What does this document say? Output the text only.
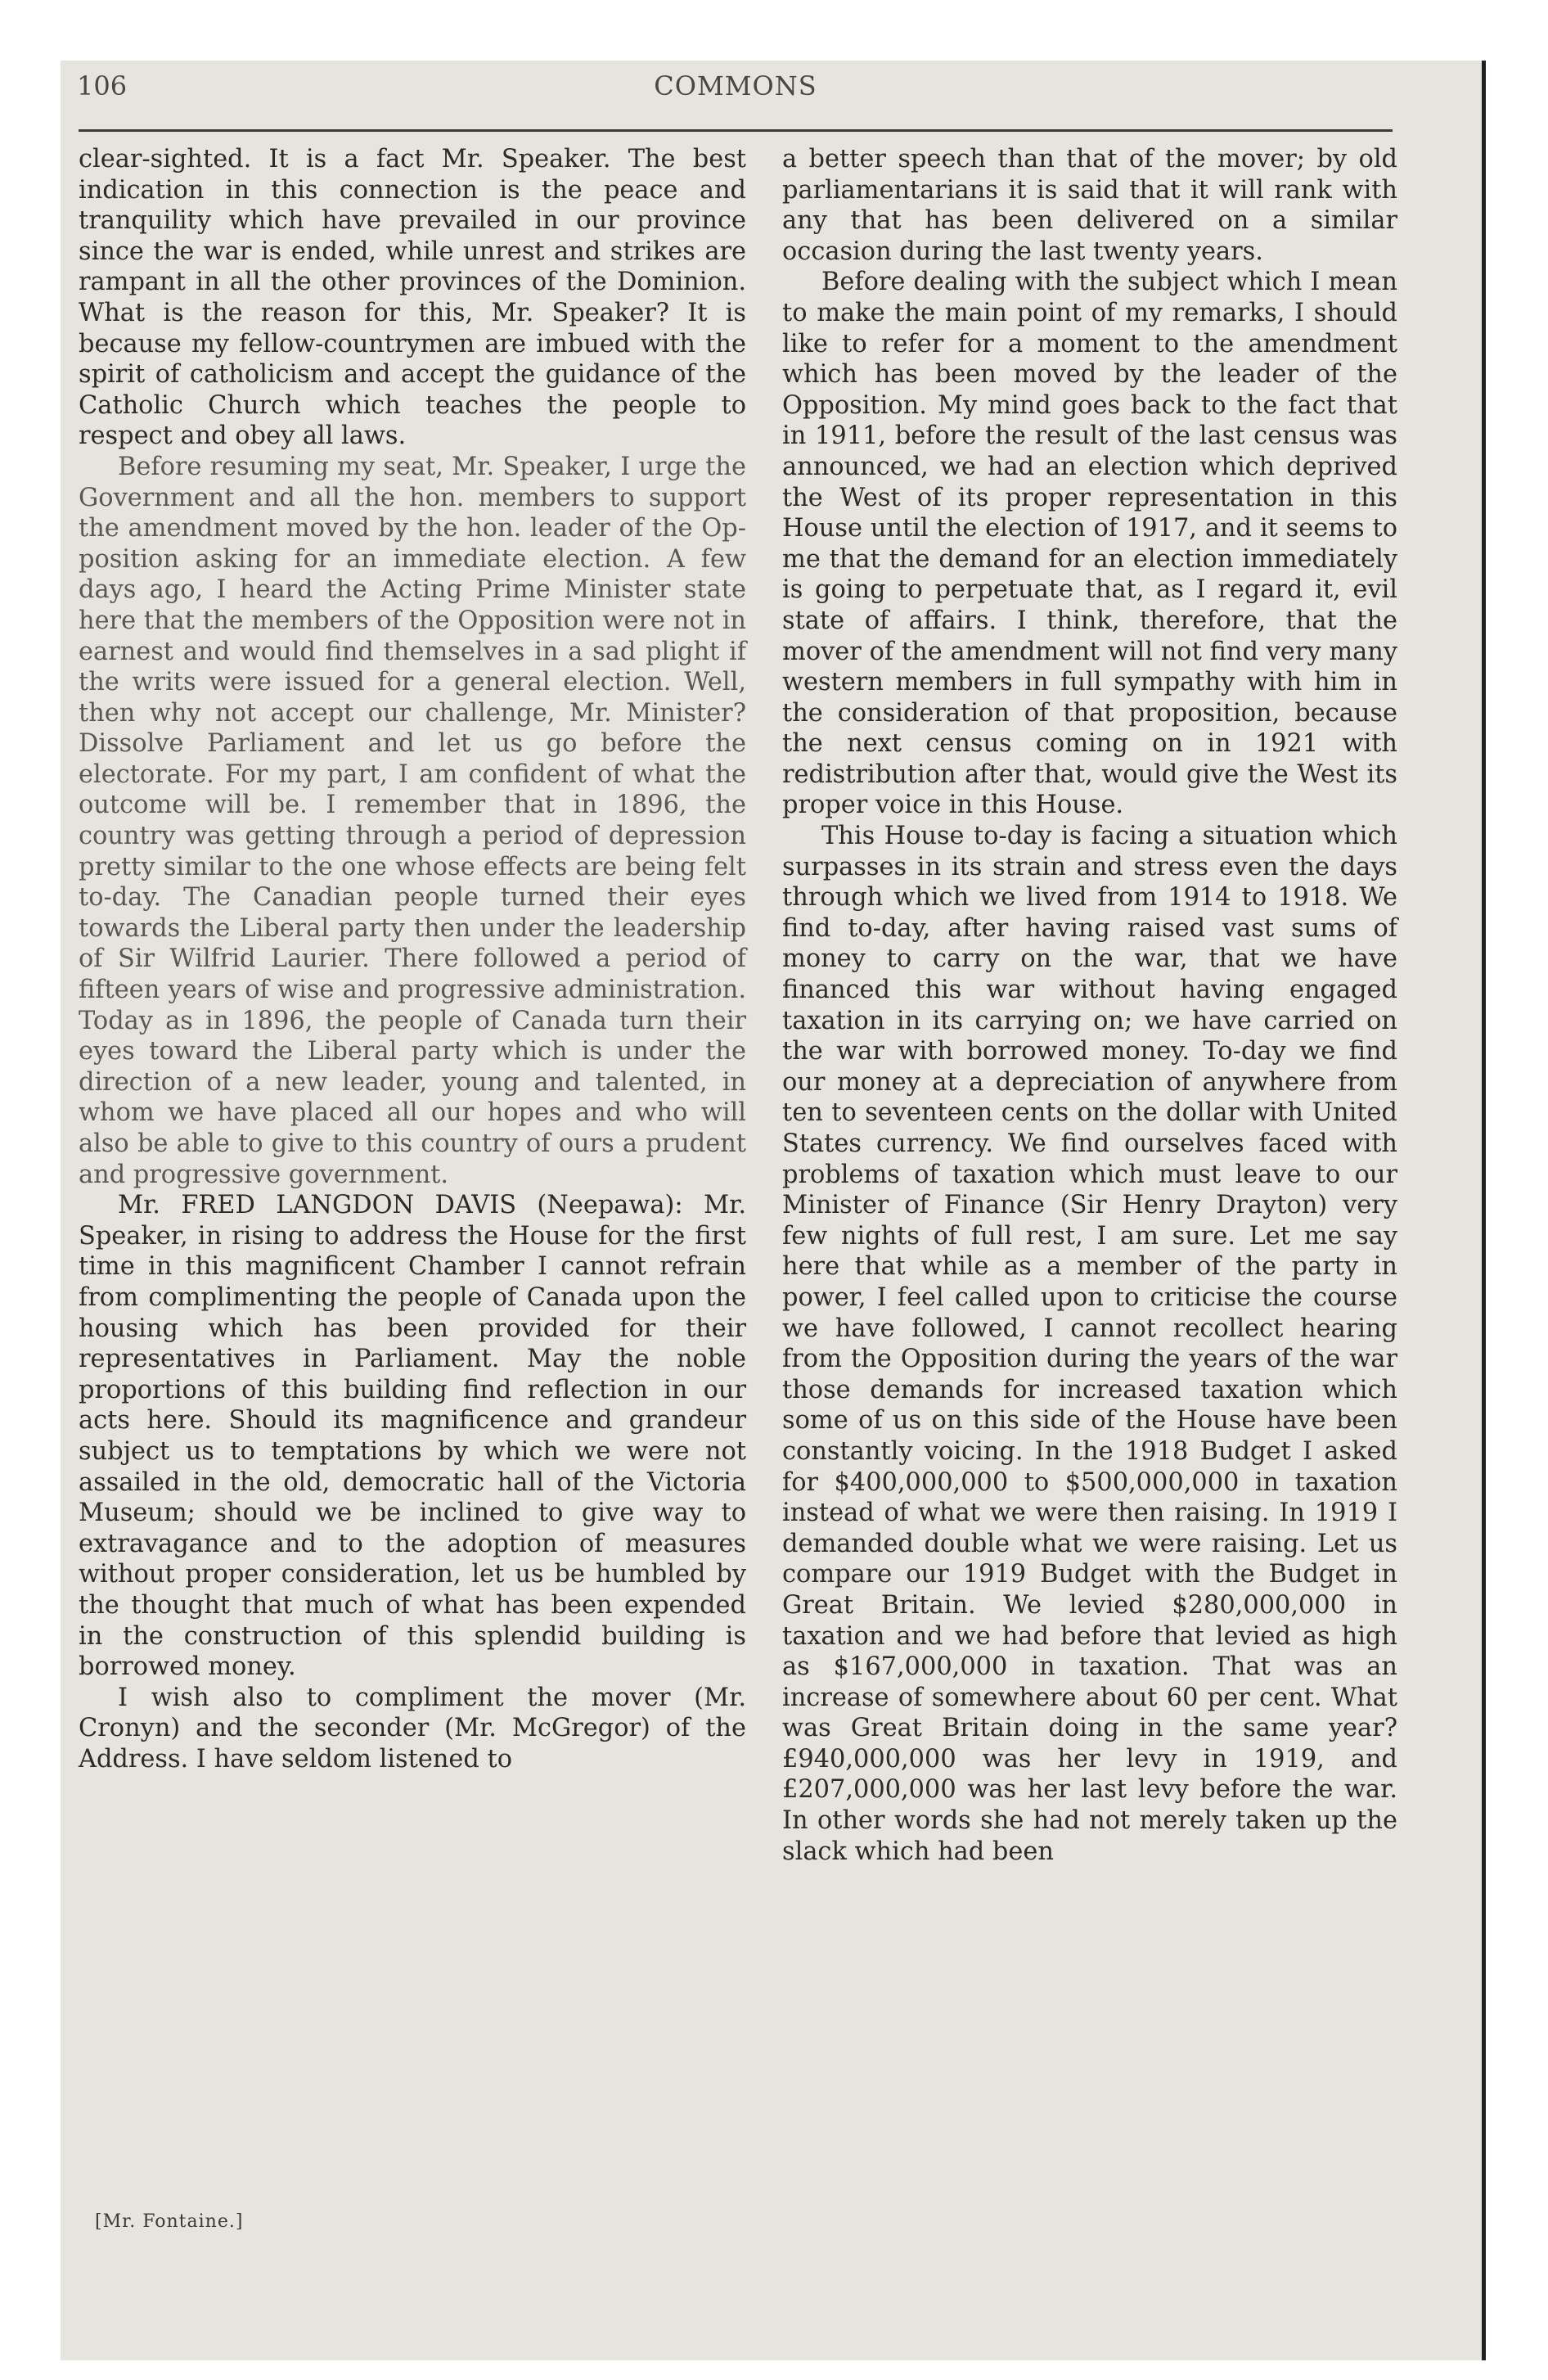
106	COMMONS

clear-sighted. It is a fact Mr. Speaker. The best indication in this connection is the peace and tranquility which have prevailed in our province since the war is ended, while unrest and strikes are rampant in all the other provinces of the Dominion. What is the reason for this, Mr. Speaker? It is because my fellow-countrymen are imbued with the spirit of catholicism and accept the guidance of the Catholic Church which teaches the people to respect and obey all laws.

Before resuming my seat, Mr. Speaker, I urge the Government and all the hon. members to support the amendment moved by the hon. leader of the Opposition asking for an immediate election. A few days ago, I heard the Acting Prime Minister state here that the members of the Opposition were not in earnest and would find themselves in a sad plight if the writs were issued for a general election. Well, then why not accept our challenge, Mr. Minister? Dissolve Parliament and let us go before the electorate. For my part, I am confident of what the outcome will be. I remember that in 1896, the country was getting through a period of depression pretty similar to the one whose effects are being felt to-day. The Canadian people turned their eyes towards the Liberal party then under the leadership of Sir Wilfrid Laurier. There followed a period of fifteen years of wise and progressive administration. Today as in 1896, the people of Canada turn their eyes toward the Liberal party which is under the direction of a new leader, young and talented, in whom we have placed all our hopes and who will also be able to give to this country of ours a prudent and progressive government.

Mr. FRED LANGDON DAVIS (Neepawa): Mr. Speaker, in rising to address the House for the first time in this magnificent Chamber I cannot refrain from complimenting the people of Canada upon the housing which has been provided for their representatives in Parliament. May the noble proportions of this building find reflection in our acts here. Should its magnificence and grandeur subject us to temptations by which we were not assailed in the old, democratic hall of the Victoria Museum; should we be inclined to give way to extravagance and to the adoption of measures without proper consideration, let us be humbled by the thought that much of what has been expended in the construction of this splendid building is borrowed money.

I wish also to compliment the mover (Mr. Cronyn) and the seconder (Mr. McGregor) of the Address. I have seldom listened to

a better speech than that of the mover; by old parliamentarians it is said that it will rank with any that has been delivered on a similar occasion during the last twenty years.

Before dealing with the subject which I mean to make the main point of my remarks, I should like to refer for a moment to the amendment which has been moved by the leader of the Opposition. My mind goes back to the fact that in 1911, before the result of the last census was announced, we had an election which deprived the West of its proper representation in this House until the election of 1917, and it seems to me that the demand for an election immediately is going to perpetuate that, as I regard it, evil state of affairs. I think, therefore, that the mover of the amendment will not find very many western members in full sympathy with him in the consideration of that proposition, because the next census coming on in 1921 with redistribution after that, would give the West its proper voice in this House.

This House to-day is facing a situation which surpasses in its strain and stress even the days through which we lived from 1914 to 1918. We find to-day, after having raised vast sums of money to carry on the war, that we have financed this war without having engaged taxation in its carrying on; we have carried on the war with borrowed money. To-day we find our money at a depreciation of anywhere from ten to seventeen cents on the dollar with United States currency. We find ourselves faced with problems of taxation which must leave to our Minister of Finance (Sir Henry Drayton) very few nights of full rest, I am sure. Let me say here that while as a member of the party in power, I feel called upon to criticise the course we have followed, I cannot recollect hearing from the Opposition during the years of the war those demands for increased taxation which some of us on this side of the House have been constantly voicing. In the 1918 Budget I asked for $400,000,000 to $500,000,000 in taxation instead of what we were then raising. In 1919 I demanded double what we were raising. Let us compare our 1919 Budget with the Budget in Great Britain. We levied $280,000,000 in taxation and we had before that levied as high as $167,000,000 in taxation. That was an increase of somewhere about 60 per cent. What was Great Britain doing in the same year? £940,000,000 was her levy in 1919, and £207,000,000 was her last levy before the war. In other words she had not merely taken up the slack which had been

[Mr. Fontaine.]
